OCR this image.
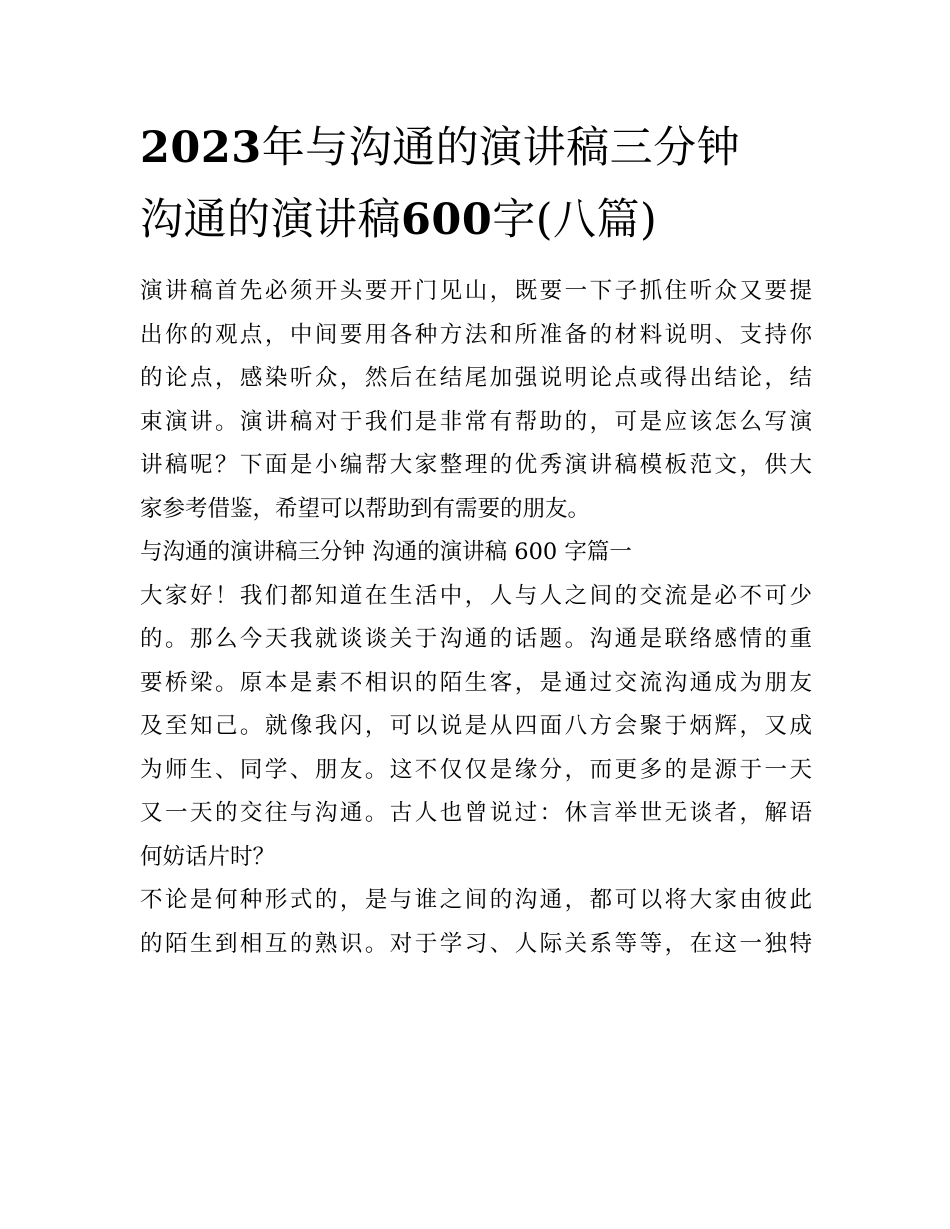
2023年与沟通的演讲稿三分钟
沟通的演讲稿600字(八篇)

演讲稿首先必须开头要开门见山，既要一下子抓住听众又要提
出你的观点，中间要用各种方法和所准备的材料说明、支持你
的论点，感染听众，然后在结尾加强说明论点或得出结论，结
束演讲。演讲稿对于我们是非常有帮助的，可是应该怎么写演
讲稿呢？下面是小编帮大家整理的优秀演讲稿模板范文，供大
家参考借鉴，希望可以帮助到有需要的朋友。

与沟通的演讲稿三分钟 沟通的演讲稿 600 字篇一

大家好！我们都知道在生活中，人与人之间的交流是必不可少
的。那么今天我就谈谈关于沟通的话题。沟通是联络感情的重
要桥梁。原本是素不相识的陌生客，是通过交流沟通成为朋友
及至知己。就像我闪，可以说是从四面八方会聚于炳辉，又成
为师生、同学、朋友。这不仅仅是缘分，而更多的是源于一天
又一天的交往与沟通。古人也曾说过：休言举世无谈者，解语
何妨话片时？

不论是何种形式的，是与谁之间的沟通，都可以将大家由彼此
的陌生到相互的熟识。对于学习、人际关系等等，在这一独特
